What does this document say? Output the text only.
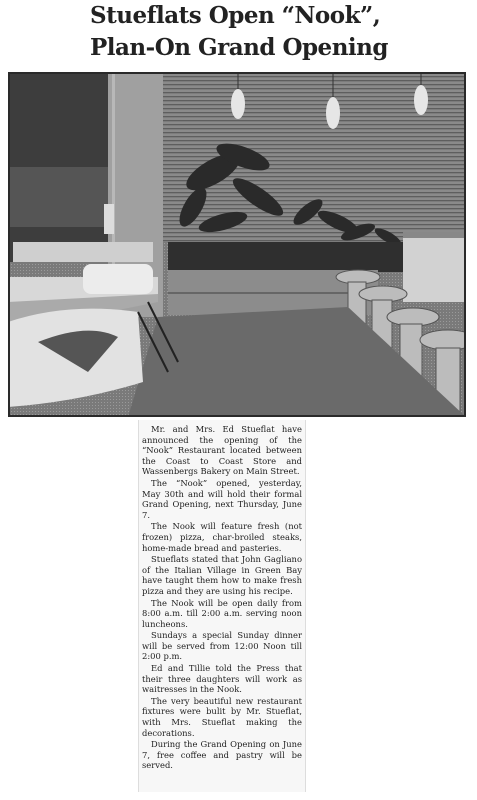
Stueflats Open “Nook”,
Plan-On Grand Opening

Mr. and Mrs. Ed Stueflat have announced the opening of the “Nook” Restaurant located between the Coast to Coast Store and Wassenbergs Bakery on Main Street.

The “Nook” opened, yesterday, May 30th and will hold their formal Grand Opening, next Thursday, June 7.

The Nook will feature fresh (not frozen) pizza, char-broiled steaks, home-made bread and pasteries.

Stueflats stated that John Gagliano of the Italian Village in Green Bay have taught them how to make fresh pizza and they are using his recipe.

The Nook will be open daily from 8:00 a.m. till 2:00 a.m. serving noon luncheons.

Sundays a special Sunday dinner will be served from 12:00 Noon till 2:00 p.m.

Ed and Tillie told the Press that their three daughters will work as waitresses in the Nook.

The very beautiful new restaurant fixtures were bulit by Mr. Stueflat, with Mrs. Stueflat making the decorations.

During the Grand Opening on June 7, free coffee and pastry will be served.
